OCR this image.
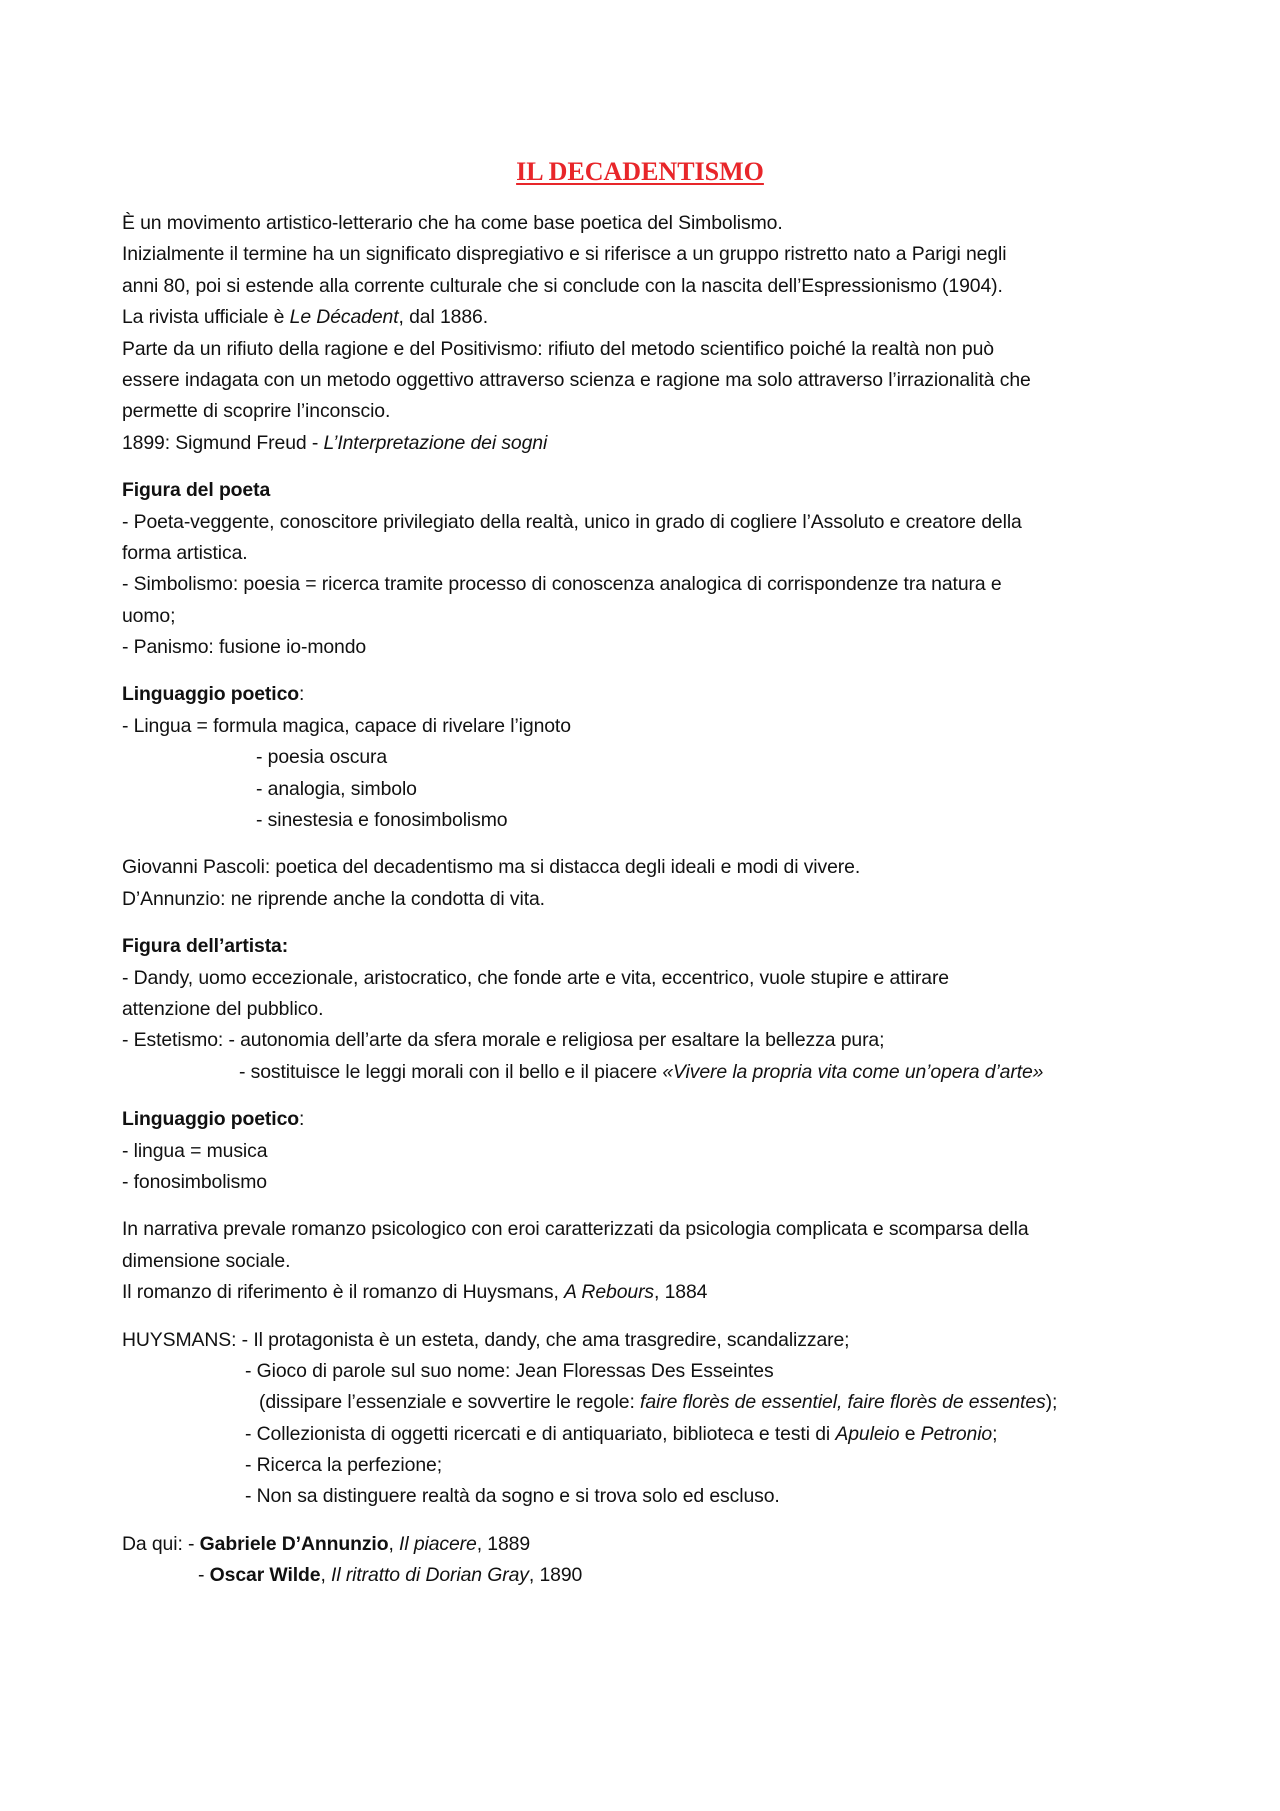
IL DECADENTISMO
È un movimento artistico-letterario che ha come base poetica del Simbolismo.
Inizialmente il termine ha un significato dispregiativo e si riferisce a un gruppo ristretto nato a Parigi negli
anni 80, poi si estende alla corrente culturale che si conclude con la nascita dell’Espressionismo (1904).
La rivista ufficiale è Le Décadent, dal 1886.
Parte da un rifiuto della ragione e del Positivismo: rifiuto del metodo scientifico poiché la realtà non può
essere indagata con un metodo oggettivo attraverso scienza e ragione ma solo attraverso l’irrazionalità che
permette di scoprire l’inconscio.
1899: Sigmund Freud - L’Interpretazione dei sogni
Figura del poeta
- Poeta-veggente, conoscitore privilegiato della realtà, unico in grado di cogliere l’Assoluto e creatore della
forma artistica.
- Simbolismo: poesia = ricerca tramite processo di conoscenza analogica di corrispondenze tra natura e
uomo;
- Panismo: fusione io-mondo
Linguaggio poetico:
- Lingua = formula magica, capace di rivelare l’ignoto
- poesia oscura
- analogia, simbolo
- sinestesia e fonosimbolismo
Giovanni Pascoli: poetica del decadentismo ma si distacca degli ideali e modi di vivere.
D’Annunzio: ne riprende anche la condotta di vita.
Figura dell’artista:
- Dandy, uomo eccezionale, aristocratico, che fonde arte e vita, eccentrico, vuole stupire e attirare
attenzione del pubblico.
- Estetismo: - autonomia dell’arte da sfera morale e religiosa per esaltare la bellezza pura;
- sostituisce le leggi morali con il bello e il piacere «Vivere la propria vita come un’opera d’arte»
Linguaggio poetico:
- lingua = musica
- fonosimbolismo
In narrativa prevale romanzo psicologico con eroi caratterizzati da psicologia complicata e scomparsa della
dimensione sociale.
Il romanzo di riferimento è il romanzo di Huysmans, A Rebours, 1884
HUYSMANS: - Il protagonista è un esteta, dandy, che ama trasgredire, scandalizzare;
- Gioco di parole sul suo nome: Jean Floressas Des Esseintes
(dissipare l’essenziale e sovvertire le regole: faire florès de essentiel, faire florès de essentes);
- Collezionista di oggetti ricercati e di antiquariato, biblioteca e testi di Apuleio e Petronio;
- Ricerca la perfezione;
- Non sa distinguere realtà da sogno e si trova solo ed escluso.
Da qui: - Gabriele D’Annunzio, Il piacere, 1889
- Oscar Wilde, Il ritratto di Dorian Gray, 1890
